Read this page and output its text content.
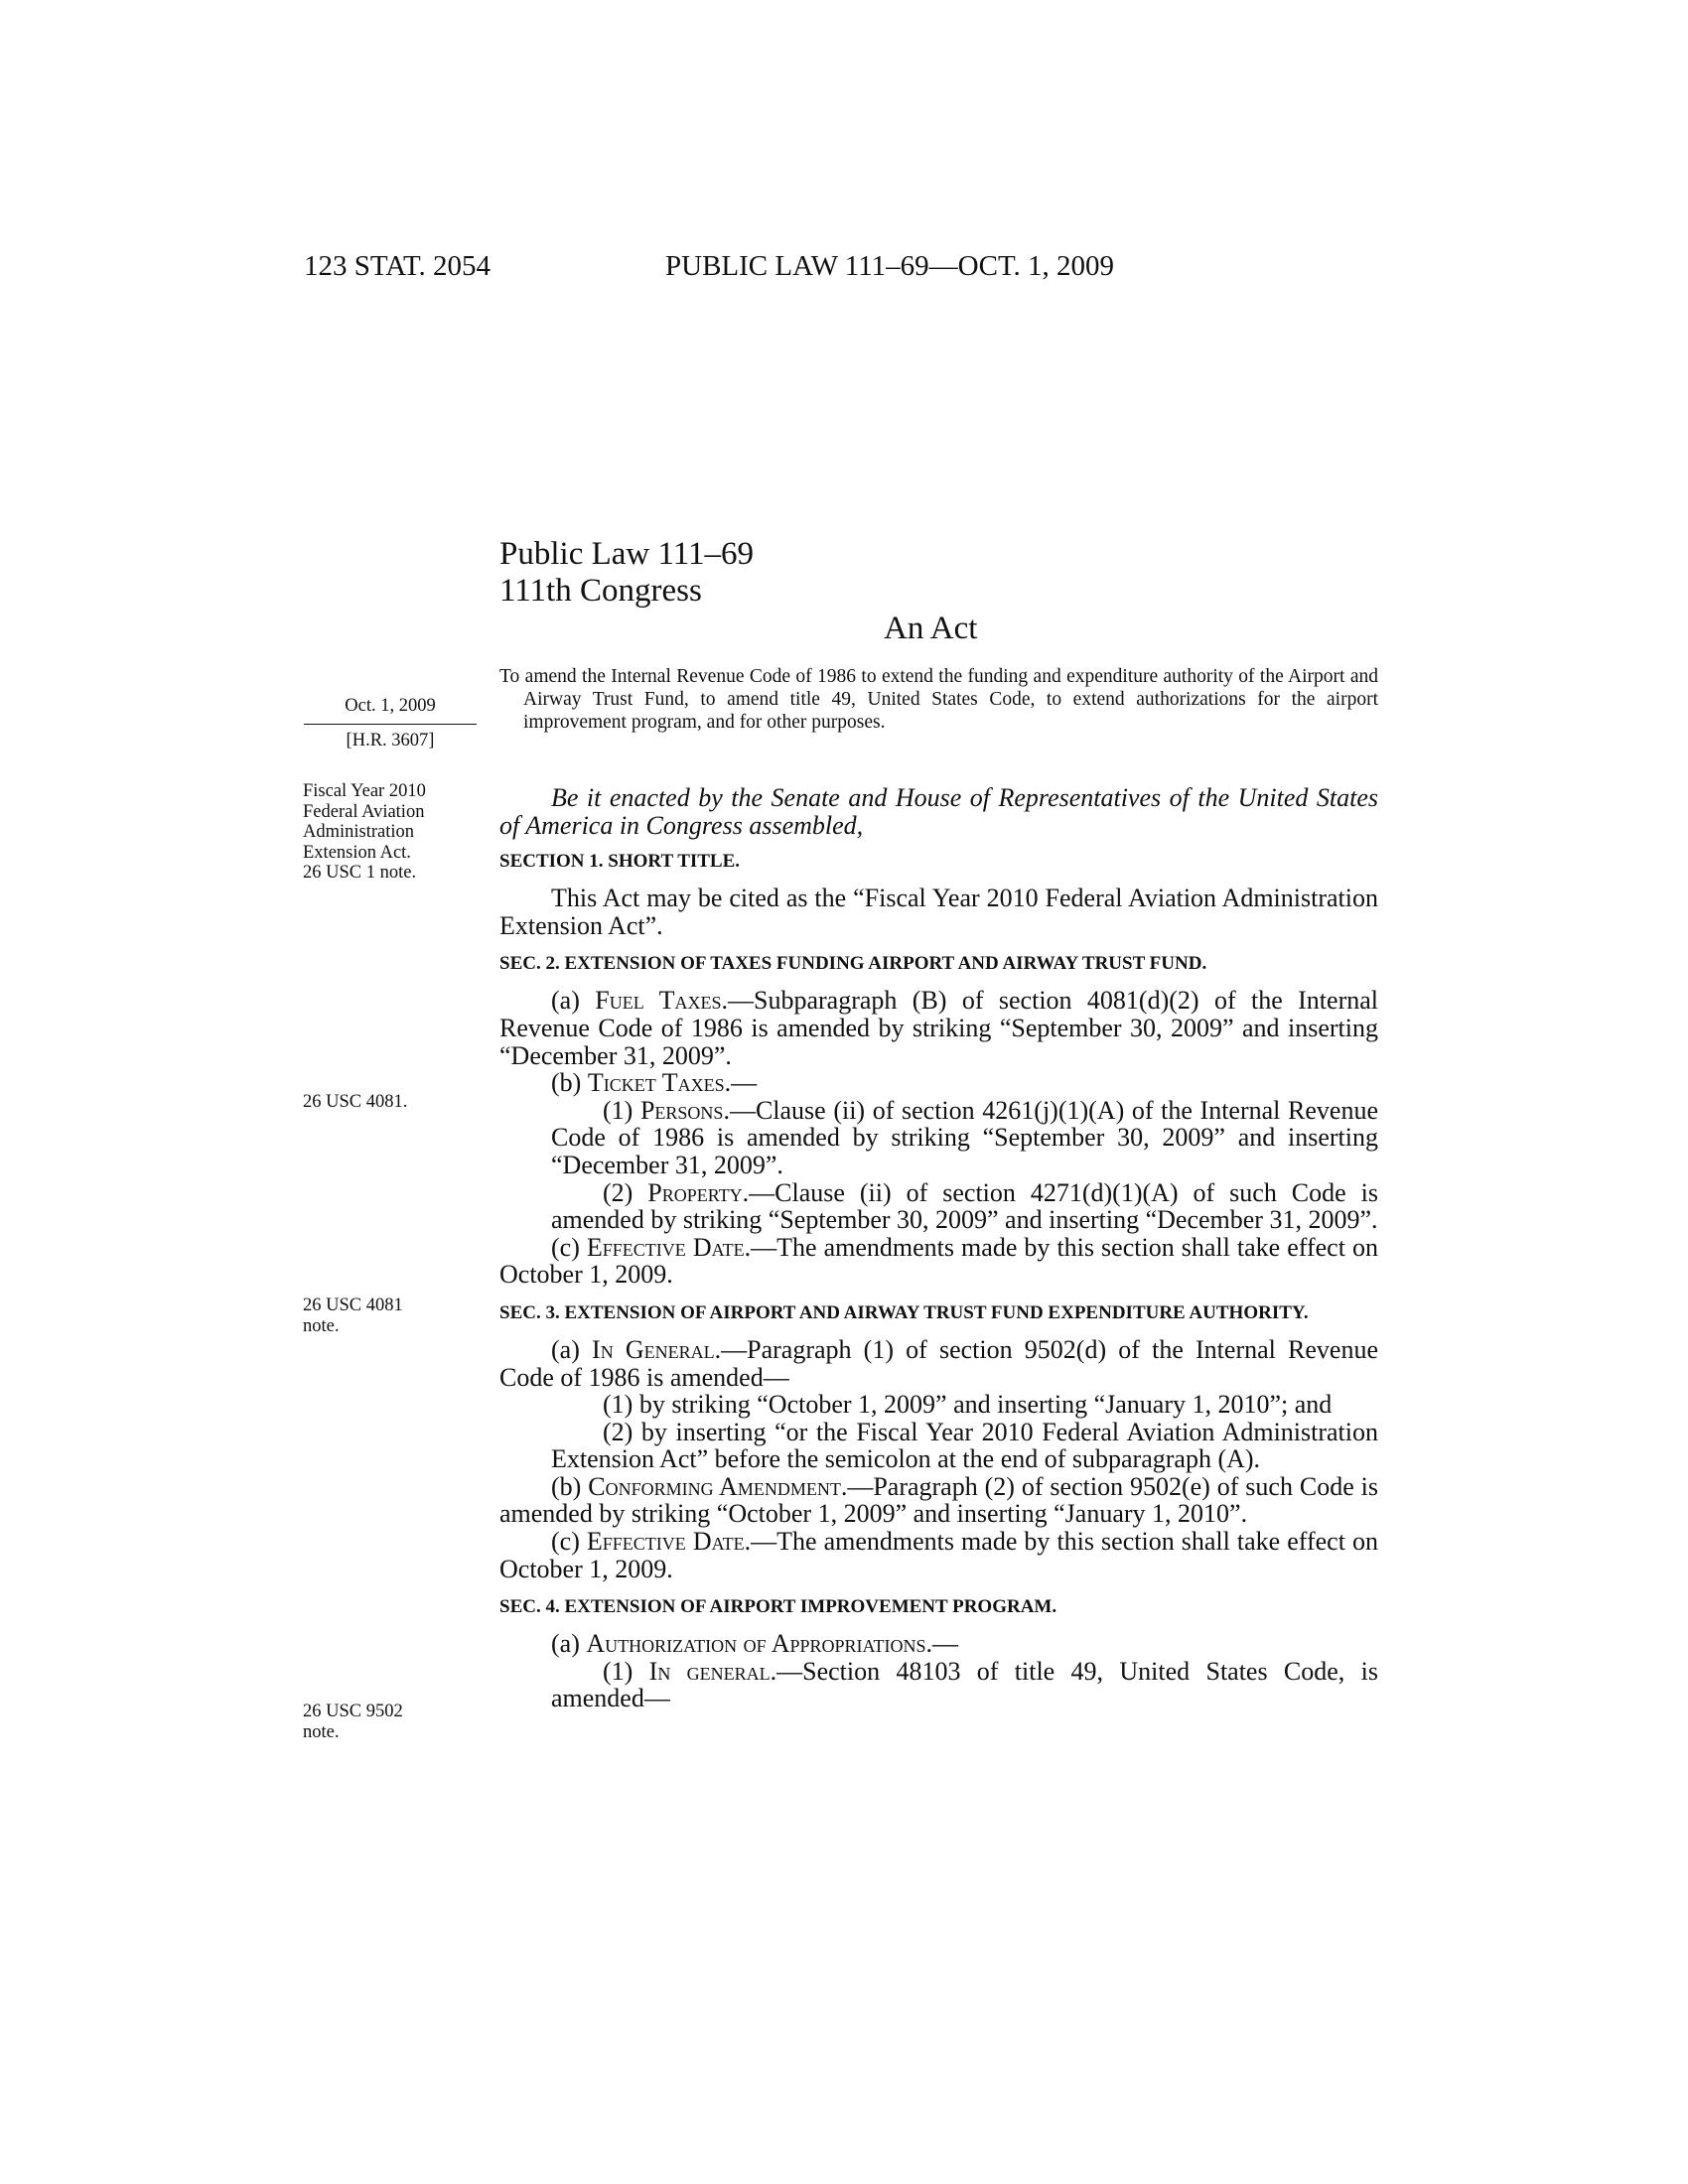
123 STAT. 2054	PUBLIC LAW 111–69—OCT. 1, 2009
Public Law 111–69
111th Congress
An Act
To amend the Internal Revenue Code of 1986 to extend the funding and expenditure authority of the Airport and Airway Trust Fund, to amend title 49, United States Code, to extend authorizations for the airport improvement program, and for other purposes.
Oct. 1, 2009
[H.R. 3607]
Fiscal Year 2010
Federal Aviation
Administration
Extension Act.
26 USC 1 note.
26 USC 4081.
26 USC 4081
note.
26 USC 9502
note.

Be it enacted by the Senate and House of Representatives of the United States of America in Congress assembled,

SECTION 1. SHORT TITLE.

This Act may be cited as the “Fiscal Year 2010 Federal Aviation Administration Extension Act”.

SEC. 2. EXTENSION OF TAXES FUNDING AIRPORT AND AIRWAY TRUST FUND.

(a) Fuel Taxes.—Subparagraph (B) of section 4081(d)(2) of the Internal Revenue Code of 1986 is amended by striking “September 30, 2009” and inserting “December 31, 2009”.

(b) Ticket Taxes.—

(1) Persons.—Clause (ii) of section 4261(j)(1)(A) of the Internal Revenue Code of 1986 is amended by striking “September 30, 2009” and inserting “December 31, 2009”.

(2) Property.—Clause (ii) of section 4271(d)(1)(A) of such Code is amended by striking “September 30, 2009” and inserting “December 31, 2009”.

(c) Effective Date.—The amendments made by this section shall take effect on October 1, 2009.

SEC. 3. EXTENSION OF AIRPORT AND AIRWAY TRUST FUND EXPENDITURE AUTHORITY.

(a) In General.—Paragraph (1) of section 9502(d) of the Internal Revenue Code of 1986 is amended—

(1) by striking “October 1, 2009” and inserting “January 1, 2010”; and

(2) by inserting “or the Fiscal Year 2010 Federal Aviation Administration Extension Act” before the semicolon at the end of subparagraph (A).

(b) Conforming Amendment.—Paragraph (2) of section 9502(e) of such Code is amended by striking “October 1, 2009” and inserting “January 1, 2010”.

(c) Effective Date.—The amendments made by this section shall take effect on October 1, 2009.

SEC. 4. EXTENSION OF AIRPORT IMPROVEMENT PROGRAM.

(a) Authorization of Appropriations.—

(1) In general.—Section 48103 of title 49, United States Code, is amended—
